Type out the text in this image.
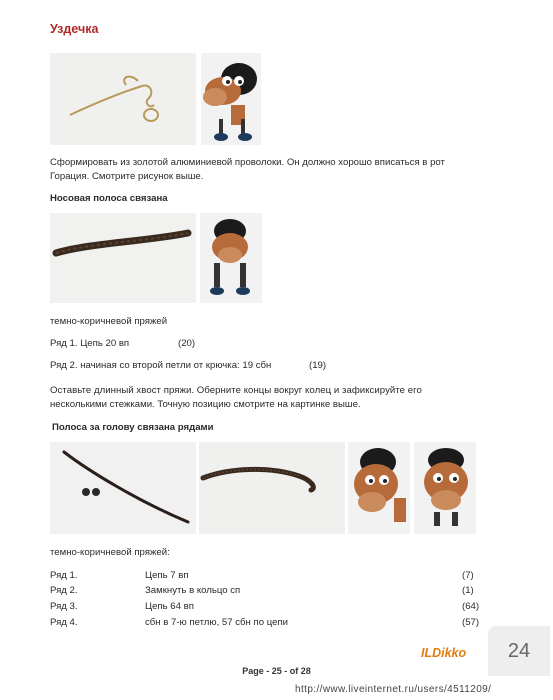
Уздечка
Сформировать из золотой алюминиевой проволоки. Он должно хорошо вписаться в рот
Горация. Смотрите рисунок выше.
Носовая полоса связана
темно-коричневой пряжей
Ряд 1. Цепь 20 вп	(20)
Ряд 2. начиная со второй петли от крючка: 19 сбн	(19)
Оставьте длинный хвост пряжи. Оберните концы вокруг колец и зафиксируйте его
несколькими стежками. Точную позицию смотрите на картинке выше.
Полоса за голову связана рядами
темно-коричневой пряжей:
Ряд 1.	Цепь 7 вп	(7)
Ряд 2.	Замкнуть в кольцо сп	(1)
Ряд 3.	Цепь 64 вп	(64)
Ряд 4.	сбн в 7-ю петлю, 57 сбн по цепи	(57)
24
ILDikko
Page - 25 - of 28
http://www.liveinternet.ru/users/4511209/
